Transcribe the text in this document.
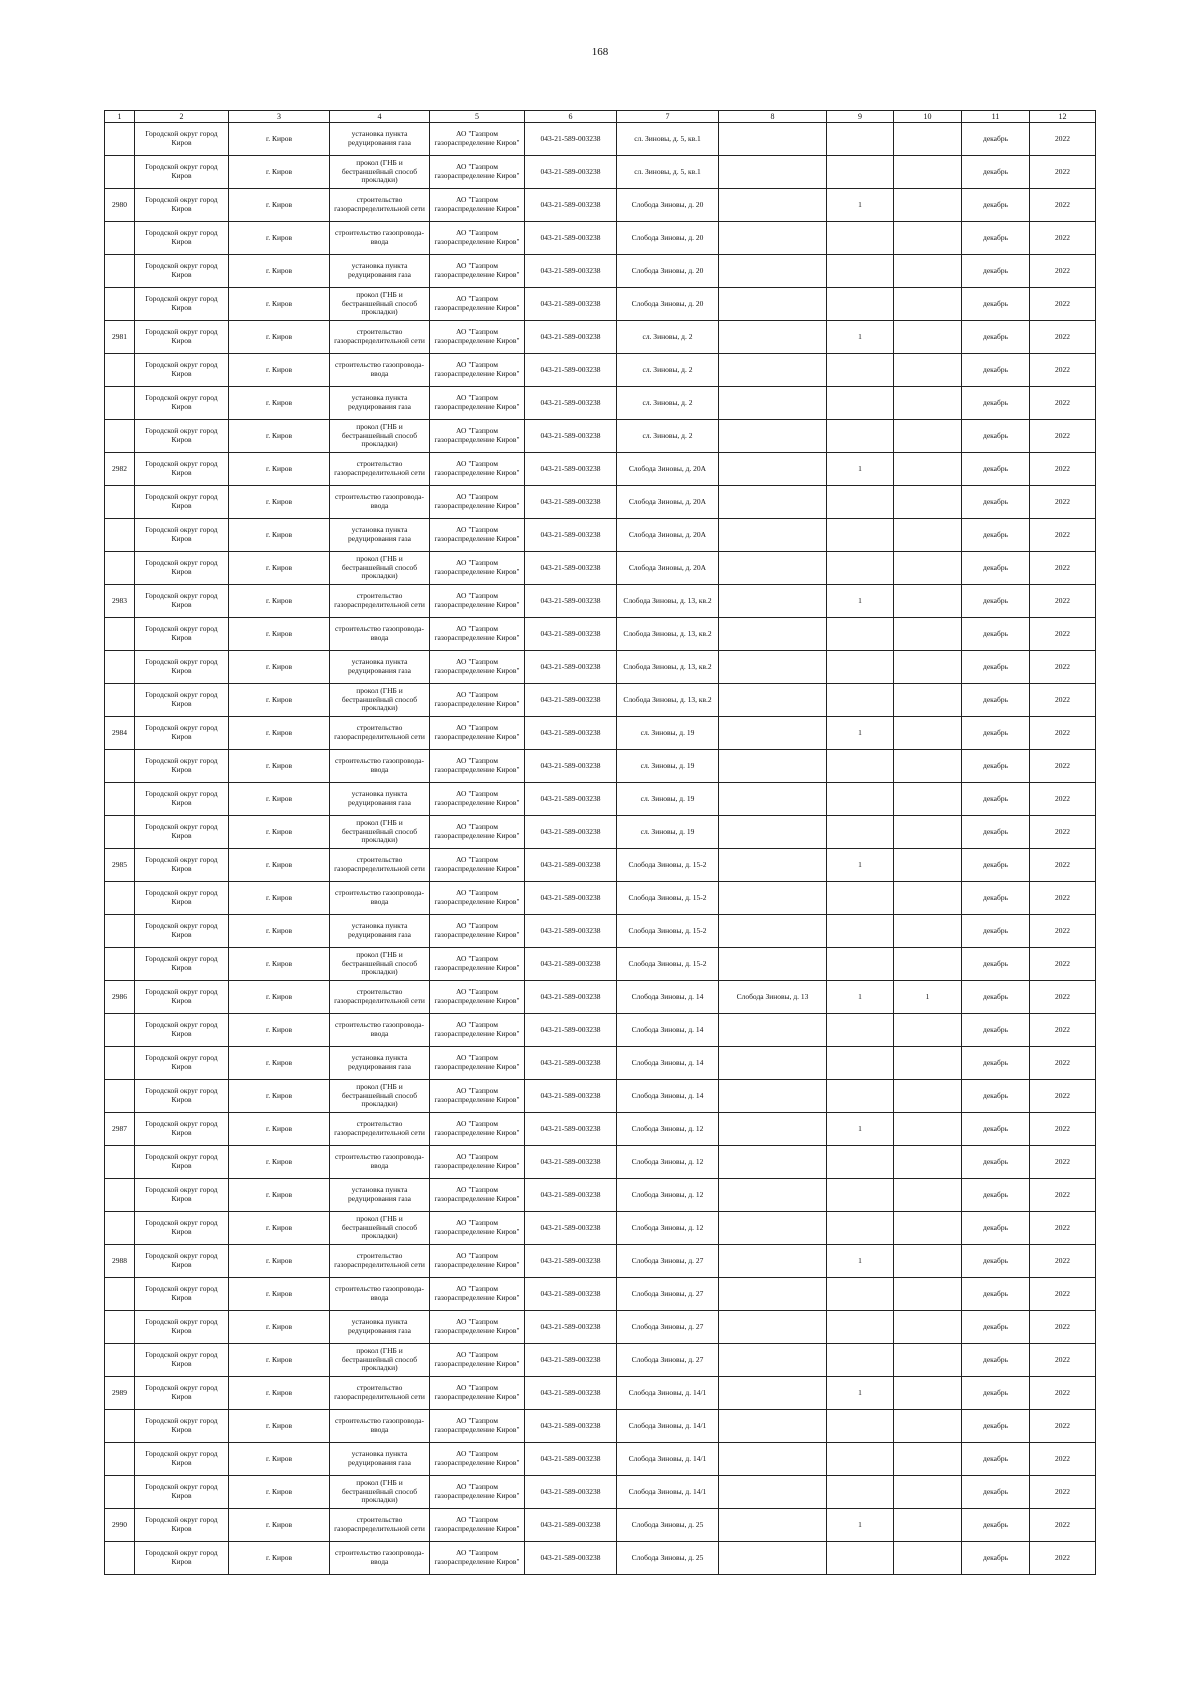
168
1	2	3	4	5	6	7	8	9	10	11	12

	Городской округ город Киров	г. Киров	установка пункта редуцирования газа	АО "Газпром газораспределение Киров"	043-21-589-003238	сл. Зиновы, д. 5, кв.1				декабрь	2022

	Городской округ город Киров	г. Киров	прокол (ГНБ и бестраншейный способ прокладки)	АО "Газпром газораспределение Киров"	043-21-589-003238	сл. Зиновы, д. 5, кв.1				декабрь	2022

2980	Городской округ город Киров	г. Киров	строительство газораспределительной сети	АО "Газпром газораспределение Киров"	043-21-589-003238	Слобода Зиновы, д. 20		1		декабрь	2022

	Городской округ город Киров	г. Киров	строительство газопровода-ввода	АО "Газпром газораспределение Киров"	043-21-589-003238	Слобода Зиновы, д. 20				декабрь	2022

	Городской округ город Киров	г. Киров	установка пункта редуцирования газа	АО "Газпром газораспределение Киров"	043-21-589-003238	Слобода Зиновы, д. 20				декабрь	2022

	Городской округ город Киров	г. Киров	прокол (ГНБ и бестраншейный способ прокладки)	АО "Газпром газораспределение Киров"	043-21-589-003238	Слобода Зиновы, д. 20				декабрь	2022

2981	Городской округ город Киров	г. Киров	строительство газораспределительной сети	АО "Газпром газораспределение Киров"	043-21-589-003238	сл. Зиновы, д. 2		1		декабрь	2022

	Городской округ город Киров	г. Киров	строительство газопровода-ввода	АО "Газпром газораспределение Киров"	043-21-589-003238	сл. Зиновы, д. 2				декабрь	2022

	Городской округ город Киров	г. Киров	установка пункта редуцирования газа	АО "Газпром газораспределение Киров"	043-21-589-003238	сл. Зиновы, д. 2				декабрь	2022

	Городской округ город Киров	г. Киров	прокол (ГНБ и бестраншейный способ прокладки)	АО "Газпром газораспределение Киров"	043-21-589-003238	сл. Зиновы, д. 2				декабрь	2022

2982	Городской округ город Киров	г. Киров	строительство газораспределительной сети	АО "Газпром газораспределение Киров"	043-21-589-003238	Слобода Зиновы, д. 20А		1		декабрь	2022

	Городской округ город Киров	г. Киров	строительство газопровода-ввода	АО "Газпром газораспределение Киров"	043-21-589-003238	Слобода Зиновы, д. 20А				декабрь	2022

	Городской округ город Киров	г. Киров	установка пункта редуцирования газа	АО "Газпром газораспределение Киров"	043-21-589-003238	Слобода Зиновы, д. 20А				декабрь	2022

	Городской округ город Киров	г. Киров	прокол (ГНБ и бестраншейный способ прокладки)	АО "Газпром газораспределение Киров"	043-21-589-003238	Слобода Зиновы, д. 20А				декабрь	2022

2983	Городской округ город Киров	г. Киров	строительство газораспределительной сети	АО "Газпром газораспределение Киров"	043-21-589-003238	Слобода Зиновы, д. 13, кв.2		1		декабрь	2022

	Городской округ город Киров	г. Киров	строительство газопровода-ввода	АО "Газпром газораспределение Киров"	043-21-589-003238	Слобода Зиновы, д. 13, кв.2				декабрь	2022

	Городской округ город Киров	г. Киров	установка пункта редуцирования газа	АО "Газпром газораспределение Киров"	043-21-589-003238	Слобода Зиновы, д. 13, кв.2				декабрь	2022

	Городской округ город Киров	г. Киров	прокол (ГНБ и бестраншейный способ прокладки)	АО "Газпром газораспределение Киров"	043-21-589-003238	Слобода Зиновы, д. 13, кв.2				декабрь	2022

2984	Городской округ город Киров	г. Киров	строительство газораспределительной сети	АО "Газпром газораспределение Киров"	043-21-589-003238	сл. Зиновы, д. 19		1		декабрь	2022

	Городской округ город Киров	г. Киров	строительство газопровода-ввода	АО "Газпром газораспределение Киров"	043-21-589-003238	сл. Зиновы, д. 19				декабрь	2022

	Городской округ город Киров	г. Киров	установка пункта редуцирования газа	АО "Газпром газораспределение Киров"	043-21-589-003238	сл. Зиновы, д. 19				декабрь	2022

	Городской округ город Киров	г. Киров	прокол (ГНБ и бестраншейный способ прокладки)	АО "Газпром газораспределение Киров"	043-21-589-003238	сл. Зиновы, д. 19				декабрь	2022

2985	Городской округ город Киров	г. Киров	строительство газораспределительной сети	АО "Газпром газораспределение Киров"	043-21-589-003238	Слобода Зиновы, д. 15-2		1		декабрь	2022

	Городской округ город Киров	г. Киров	строительство газопровода-ввода	АО "Газпром газораспределение Киров"	043-21-589-003238	Слобода Зиновы, д. 15-2				декабрь	2022

	Городской округ город Киров	г. Киров	установка пункта редуцирования газа	АО "Газпром газораспределение Киров"	043-21-589-003238	Слобода Зиновы, д. 15-2				декабрь	2022

	Городской округ город Киров	г. Киров	прокол (ГНБ и бестраншейный способ прокладки)	АО "Газпром газораспределение Киров"	043-21-589-003238	Слобода Зиновы, д. 15-2				декабрь	2022

2986	Городской округ город Киров	г. Киров	строительство газораспределительной сети	АО "Газпром газораспределение Киров"	043-21-589-003238	Слобода Зиновы, д. 14	Слобода Зиновы, д. 13	1	1	декабрь	2022

	Городской округ город Киров	г. Киров	строительство газопровода-ввода	АО "Газпром газораспределение Киров"	043-21-589-003238	Слобода Зиновы, д. 14				декабрь	2022

	Городской округ город Киров	г. Киров	установка пункта редуцирования газа	АО "Газпром газораспределение Киров"	043-21-589-003238	Слобода Зиновы, д. 14				декабрь	2022

	Городской округ город Киров	г. Киров	прокол (ГНБ и бестраншейный способ прокладки)	АО "Газпром газораспределение Киров"	043-21-589-003238	Слобода Зиновы, д. 14				декабрь	2022

2987	Городской округ город Киров	г. Киров	строительство газораспределительной сети	АО "Газпром газораспределение Киров"	043-21-589-003238	Слобода Зиновы, д. 12		1		декабрь	2022

	Городской округ город Киров	г. Киров	строительство газопровода-ввода	АО "Газпром газораспределение Киров"	043-21-589-003238	Слобода Зиновы, д. 12				декабрь	2022

	Городской округ город Киров	г. Киров	установка пункта редуцирования газа	АО "Газпром газораспределение Киров"	043-21-589-003238	Слобода Зиновы, д. 12				декабрь	2022

	Городской округ город Киров	г. Киров	прокол (ГНБ и бестраншейный способ прокладки)	АО "Газпром газораспределение Киров"	043-21-589-003238	Слобода Зиновы, д. 12				декабрь	2022

2988	Городской округ город Киров	г. Киров	строительство газораспределительной сети	АО "Газпром газораспределение Киров"	043-21-589-003238	Слобода Зиновы, д. 27		1		декабрь	2022

	Городской округ город Киров	г. Киров	строительство газопровода-ввода	АО "Газпром газораспределение Киров"	043-21-589-003238	Слобода Зиновы, д. 27				декабрь	2022

	Городской округ город Киров	г. Киров	установка пункта редуцирования газа	АО "Газпром газораспределение Киров"	043-21-589-003238	Слобода Зиновы, д. 27				декабрь	2022

	Городской округ город Киров	г. Киров	прокол (ГНБ и бестраншейный способ прокладки)	АО "Газпром газораспределение Киров"	043-21-589-003238	Слобода Зиновы, д. 27				декабрь	2022

2989	Городской округ город Киров	г. Киров	строительство газораспределительной сети	АО "Газпром газораспределение Киров"	043-21-589-003238	Слобода Зиновы, д. 14/1		1		декабрь	2022

	Городской округ город Киров	г. Киров	строительство газопровода-ввода	АО "Газпром газораспределение Киров"	043-21-589-003238	Слобода Зиновы, д. 14/1				декабрь	2022

	Городской округ город Киров	г. Киров	установка пункта редуцирования газа	АО "Газпром газораспределение Киров"	043-21-589-003238	Слобода Зиновы, д. 14/1				декабрь	2022

	Городской округ город Киров	г. Киров	прокол (ГНБ и бестраншейный способ прокладки)	АО "Газпром газораспределение Киров"	043-21-589-003238	Слобода Зиновы, д. 14/1				декабрь	2022

2990	Городской округ город Киров	г. Киров	строительство газораспределительной сети	АО "Газпром газораспределение Киров"	043-21-589-003238	Слобода Зиновы, д. 25		1		декабрь	2022

	Городской округ город Киров	г. Киров	строительство газопровода-ввода	АО "Газпром газораспределение Киров"	043-21-589-003238	Слобода Зиновы, д. 25				декабрь	2022
